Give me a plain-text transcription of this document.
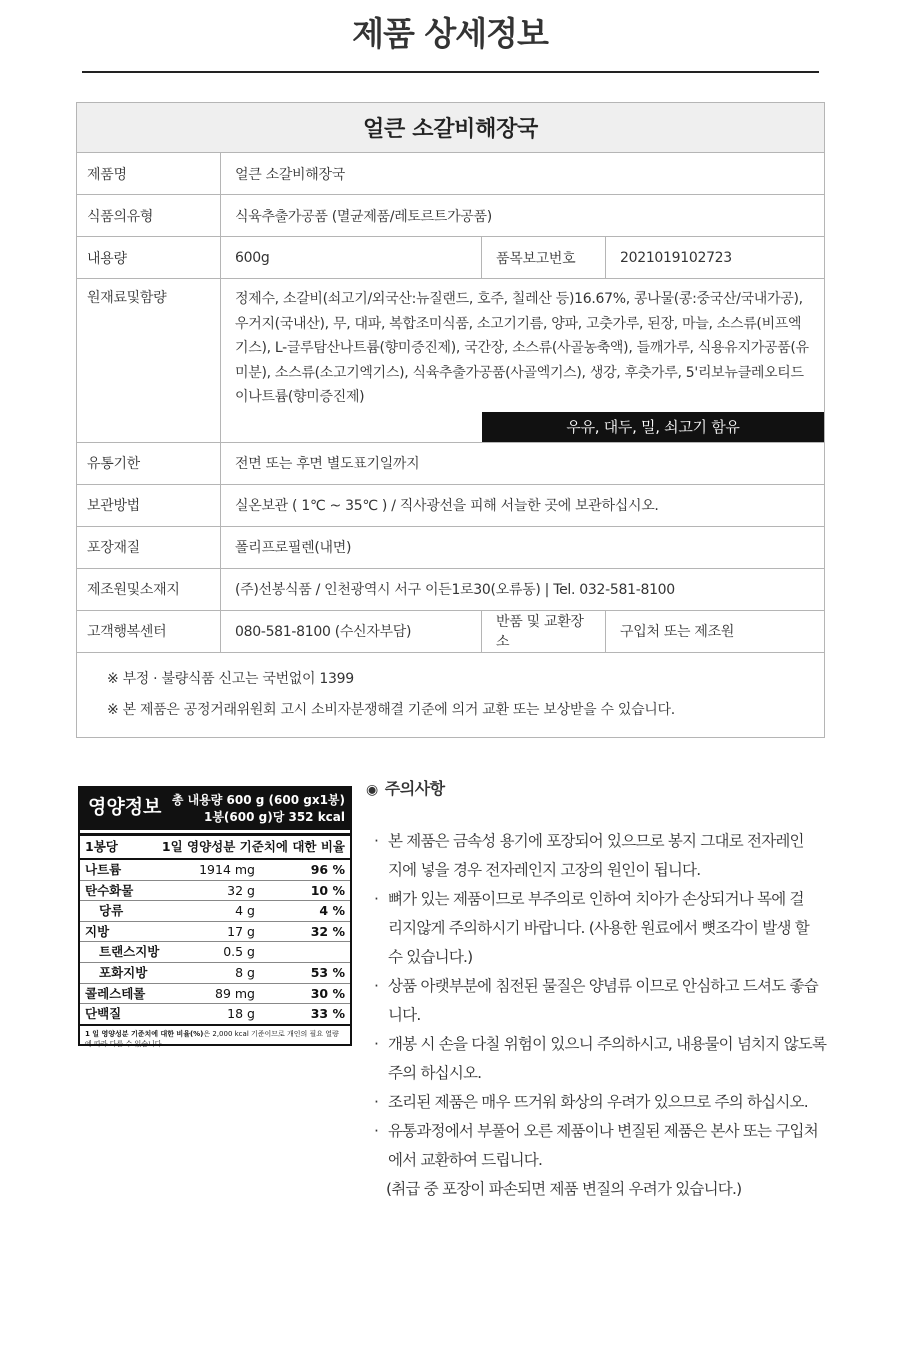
제품 상세정보
얼큰 소갈비해장국			
제품명	얼큰 소갈비해장국		
식품의유형	식육추출가공품 (멸균제품/레토르트가공품)		
내용량	600g	품목보고번호	2021019102723
원재료및함량	정제수, 소갈비(쇠고기/외국산:뉴질랜드, 호주, 칠레산 등)16.67%, 콩나물(콩:중국산/국내가공), 우거지(국내산), 무, 대파, 복합조미식품, 소고기기름, 양파, 고춧가루, 된장, 마늘, 소스류(비프엑기스), L-글루탐산나트륨(향미증진제), 국간장, 소스류(사골농축액), 들깨가루, 식용유지가공품(유미분), 소스류(소고기엑기스), 식육추출가공품(사골엑기스), 생강, 후춧가루, 5'리보뉴클레오티드이나트륨(향미증진제)
우유, 대두, 밀, 쇠고기 함유		

유통기한	전면 또는 후면 별도표기일까지		
보관방법	실온보관 ( 1℃ ~ 35℃ ) / 직사광선을 피해 서늘한 곳에 보관하십시오.		
포장재질	폴리프로필렌(내면)		
제조원및소재지	(주)선봉식품 / 인천광역시 서구 이든1로30(오류동) | Tel. 032-581-8100		
고객행복센터	080-581-8100 (수신자부담)	반품 및 교환장소	구입처 또는 제조원

※ 부정 · 불량식품 신고는 국번없이 1399
※ 본 제품은 공정거래위원회 고시 소비자분쟁해결 기준에 의거 교환 또는 보상받을 수 있습니다.			
영양정보 총 내용량 600 g (600 gx1봉)
1봉(600 g)당 352 kcal
1봉당	1일 영양성분 기준치에 대한 비율
나트륨	1914 mg	96 %
탄수화물	32 g	10 %
당류	4 g	4 %
지방	17 g	32 %
트랜스지방	0.5 g
포화지방	8 g	53 %
콜레스테롤	89 mg	30 %
단백질	18 g	33 %
1 일 영양성분 기준치에 대한 비율(%)은 2,000 kcal 기준이므로 개인의 필요 열량에 따라 다를 수 있습니다.
◉ 주의사항
· 본 제품은 금속성 용기에 포장되어 있으므로 봉지 그대로 전자레인
지에 넣을 경우 전자레인지 고장의 원인이 됩니다.
· 뼈가 있는 제품이므로 부주의로 인하여 치아가 손상되거나 목에 걸
리지않게 주의하시기 바랍니다. (사용한 원료에서 뼛조각이 발생 할
수 있습니다.)
· 상품 아랫부분에 침전된 물질은 양념류 이므로 안심하고 드셔도 좋습
니다.
· 개봉 시 손을 다칠 위험이 있으니 주의하시고, 내용물이 넘치지 않도록
주의 하십시오.
· 조리된 제품은 매우 뜨거워 화상의 우려가 있으므로 주의 하십시오.
· 유통과정에서 부풀어 오른 제품이나 변질된 제품은 본사 또는 구입처
에서 교환하여 드립니다.
(취급 중 포장이 파손되면 제품 변질의 우려가 있습니다.)
